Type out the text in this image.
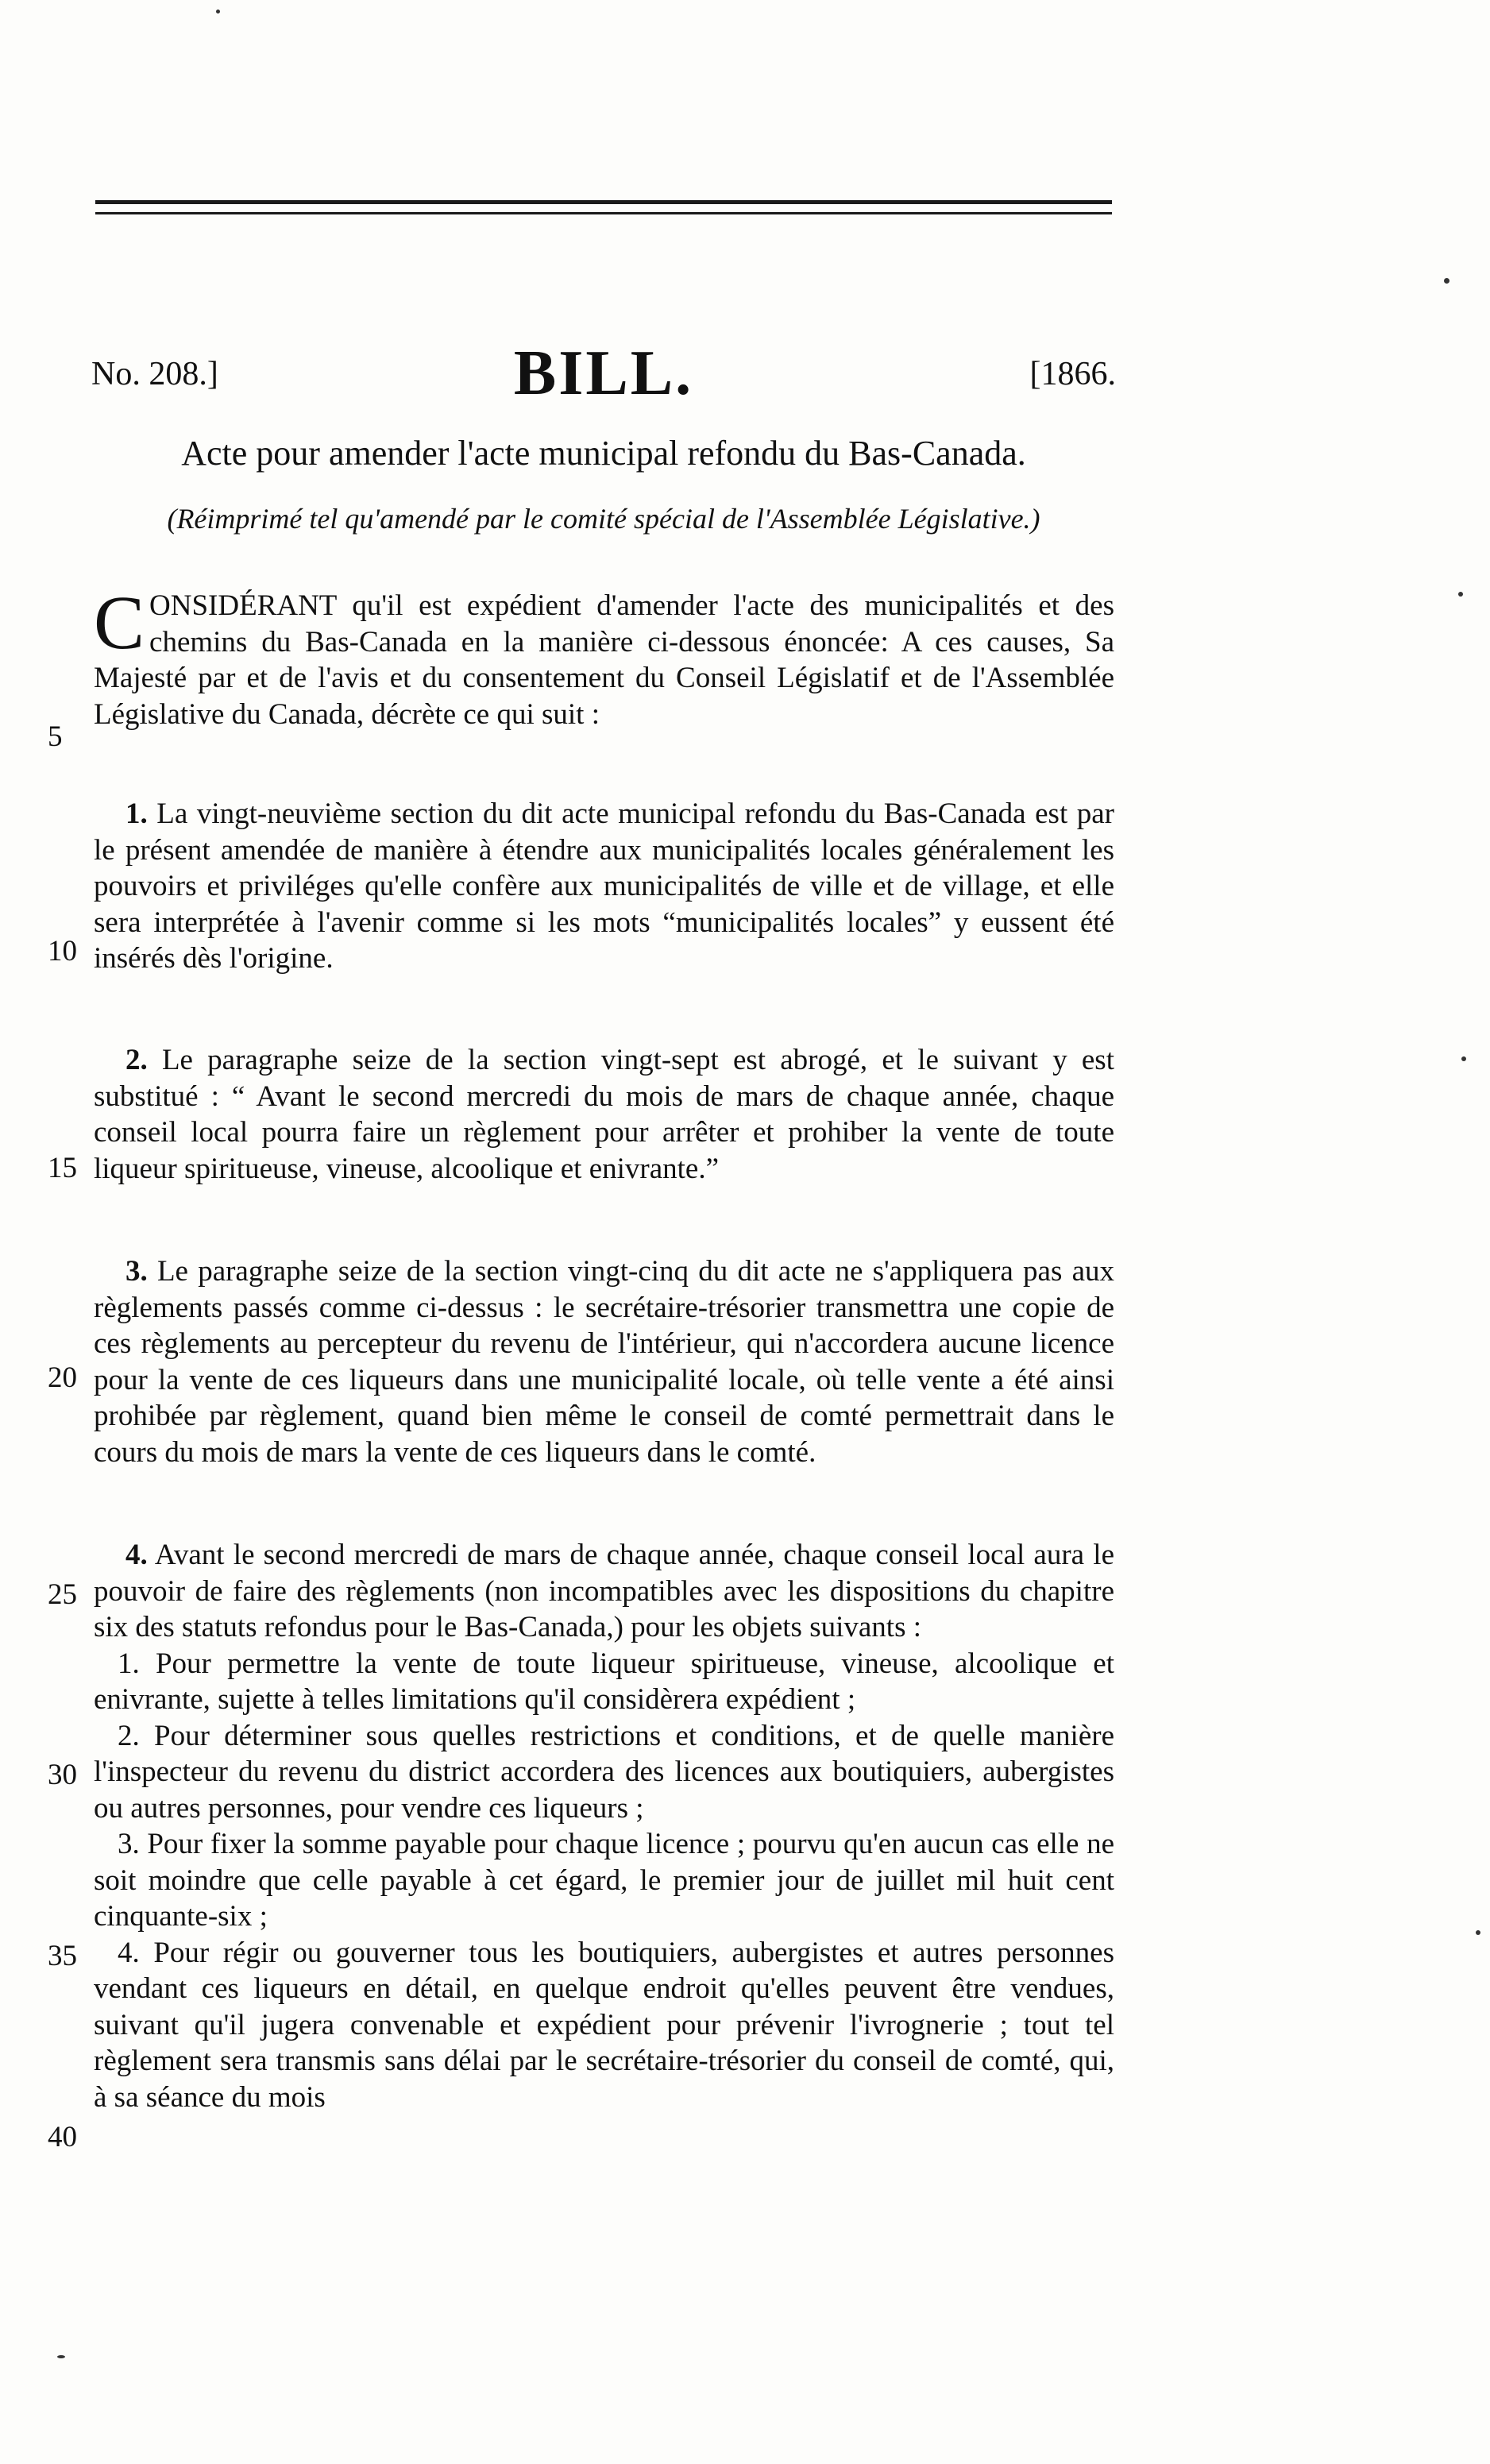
No. 208.]	BILL.	[1866.
Acte pour amender l'acte municipal refondu du Bas-Canada.
(Réimprimé tel qu'amendé par le comité spécial de l'Assemblée Législative.)

CONSIDÉRANT qu'il est expédient d'amender l'acte des municipalités et des chemins du Bas-Canada en la manière ci-dessous énoncée: A ces causes, Sa Majesté par et de l'avis et du consentement du Conseil Législatif et de l'Assemblée Législative du Canada, décrète ce qui suit :

1. La vingt-neuvième section du dit acte municipal refondu du Bas-Canada est par le présent amendée de manière à étendre aux municipalités locales généralement les pouvoirs et priviléges qu'elle confère aux municipalités de ville et de village, et elle sera interprétée à l'avenir comme si les mots “municipalités locales” y eussent été insérés dès l'origine.

2. Le paragraphe seize de la section vingt-sept est abrogé, et le suivant y est substitué : “ Avant le second mercredi du mois de mars de chaque année, chaque conseil local pourra faire un règlement pour arrêter et prohiber la vente de toute liqueur spiritueuse, vineuse, alcoolique et enivrante.”

3. Le paragraphe seize de la section vingt-cinq du dit acte ne s'appliquera pas aux règlements passés comme ci-dessus : le secrétaire-trésorier transmettra une copie de ces règlements au percepteur du revenu de l'intérieur, qui n'accordera aucune licence pour la vente de ces liqueurs dans une municipalité locale, où telle vente a été ainsi prohibée par règlement, quand bien même le conseil de comté permettrait dans le cours du mois de mars la vente de ces liqueurs dans le comté.

4. Avant le second mercredi de mars de chaque année, chaque conseil local aura le pouvoir de faire des règlements (non incompatibles avec les dispositions du chapitre six des statuts refondus pour le Bas-Canada,) pour les objets suivants :

1. Pour permettre la vente de toute liqueur spiritueuse, vineuse, alcoolique et enivrante, sujette à telles limitations qu'il considèrera expédient ;

2. Pour déterminer sous quelles restrictions et conditions, et de quelle manière l'inspecteur du revenu du district accordera des licences aux boutiquiers, aubergistes ou autres personnes, pour vendre ces liqueurs ;

3. Pour fixer la somme payable pour chaque licence ; pourvu qu'en aucun cas elle ne soit moindre que celle payable à cet égard, le premier jour de juillet mil huit cent cinquante-six ;

4. Pour régir ou gouverner tous les boutiquiers, aubergistes et autres personnes vendant ces liqueurs en détail, en quelque endroit qu'elles peuvent être vendues, suivant qu'il jugera convenable et expédient pour prévenir l'ivrognerie ; tout tel règlement sera transmis sans délai par le secrétaire-trésorier du conseil de comté, qui, à sa séance du mois

5
10
15
20
25
30
35
40
